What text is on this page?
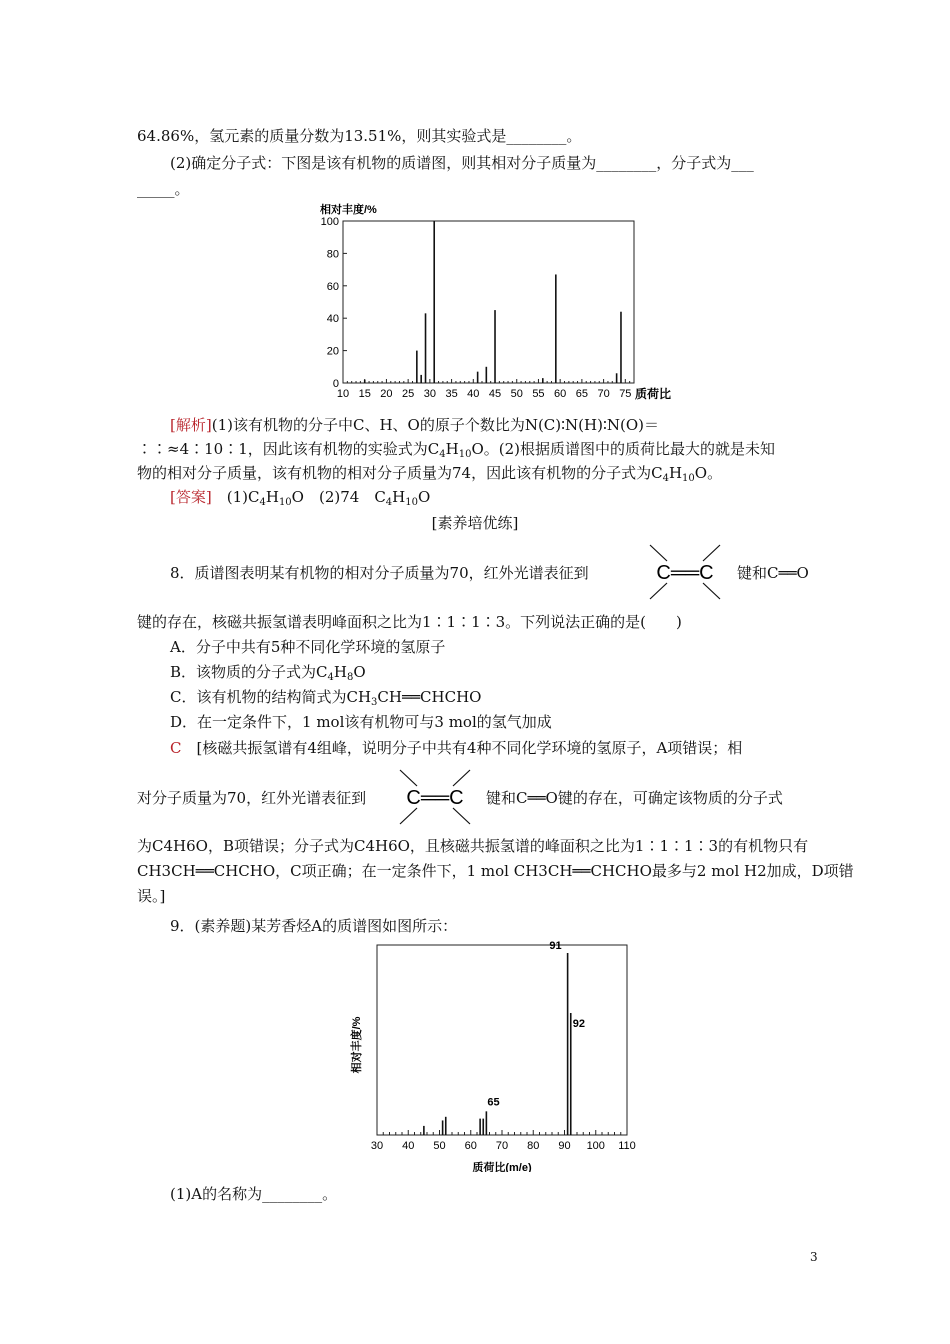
64.86%，氢元素的质量分数为13.51%，则其实验式是________。
(2)确定分子式：下图是该有机物的质谱图，则其相对分子质量为________，分子式为___
_____。
相对丰度/%
0
20
40
60
80
100
10 15 20 25 30 35 40 45 50 55 60 65 70 75 质荷比
[解析](1)该有机物的分子中C、H、O的原子个数比为N(C)∶N(H)∶N(O)＝
∶∶≈4∶10∶1，因此该有机物的实验式为$C_4H_{10}O$。(2)根据质谱图中的质荷比最大的就是未知
物的相对分子质量，该有机物的相对分子质量为74，因此该有机物的分子式为$C_4H_{10}O$。
[答案]　 $(1)C_4H_{10}O$　(2)74　$C_4H_{10}O$
[素养培优练]
8．质谱图表明某有机物的相对分子质量为70，红外光谱表征到	C══C 键和C══O
键的存在，核磁共振氢谱表明峰面积之比为1∶1∶1∶3。下列说法正确的是(　　)
A．分子中共有5种不同化学环境的氢原子
B．该物质的分子式为$C_4H_8O$
C．该有机物的结构简式为$CH_3CH══CHCHO$
D．在一定条件下，1 mol该有机物可与3 mol的氢气加成
C　 [核磁共振氢谱有4组峰，说明分子中共有4种不同化学环境的氢原子，A项错误；相
对分子质量为70，红外光谱表征到 C══C 键和C══O键的存在，可确定该物质的分子式
为C4H6O，B项错误；分子式为C4H6O，且核磁共振氢谱的峰面积之比为1∶1∶1∶3的有机物只有
CH3CH══CHCHO，C项正确；在一定条件下，1 mol CH3CH══CHCHO最多与2 mol H2加成，D项错
误。]
9．(素养题)某芳香烃A的质谱图如图所示：
相对丰度/%
30 40 50 60 70 80 90 100 110
91
92
65
质荷比(m/e)
(1)A的名称为________。
3
